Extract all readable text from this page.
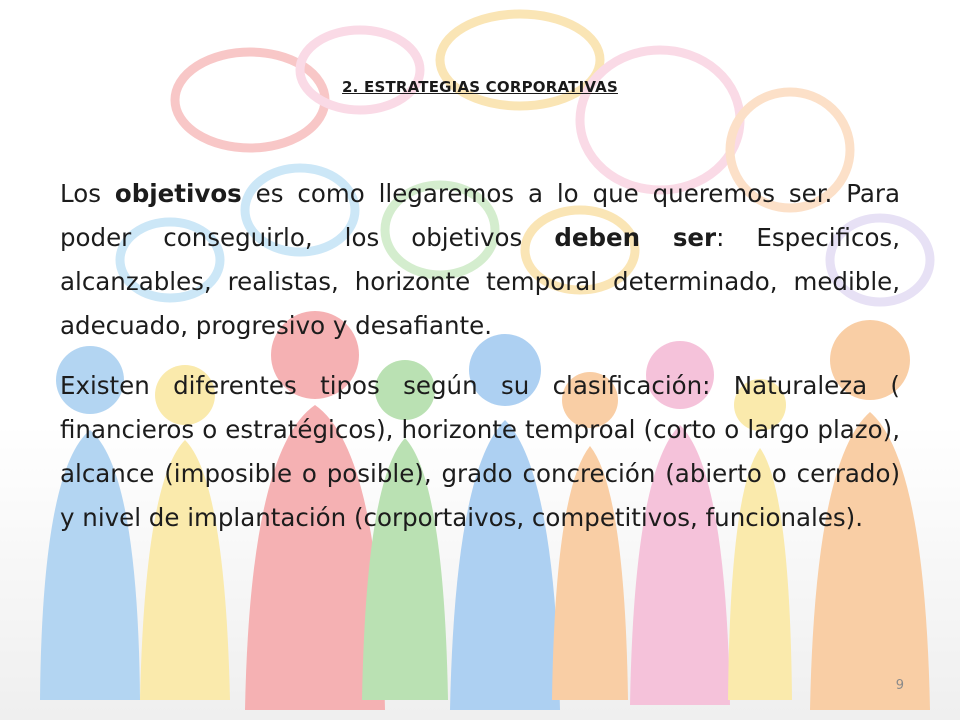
2. ESTRATEGIAS CORPORATIVAS

Los objetivos es como llegaremos a lo que queremos ser. Para poder conseguirlo, los objetivos deben ser: Especificos, alcanzables, realistas, horizonte temporal determinado, medible, adecuado, progresivo y desafiante.

Existen diferentes tipos según su clasificación: Naturaleza ( financieros o estratégicos), horizonte temproal (corto o largo plazo), alcance (imposible o posible), grado concreción (abierto o cerrado) y nivel de implantación (corportaivos, competitivos, funcionales).

9
